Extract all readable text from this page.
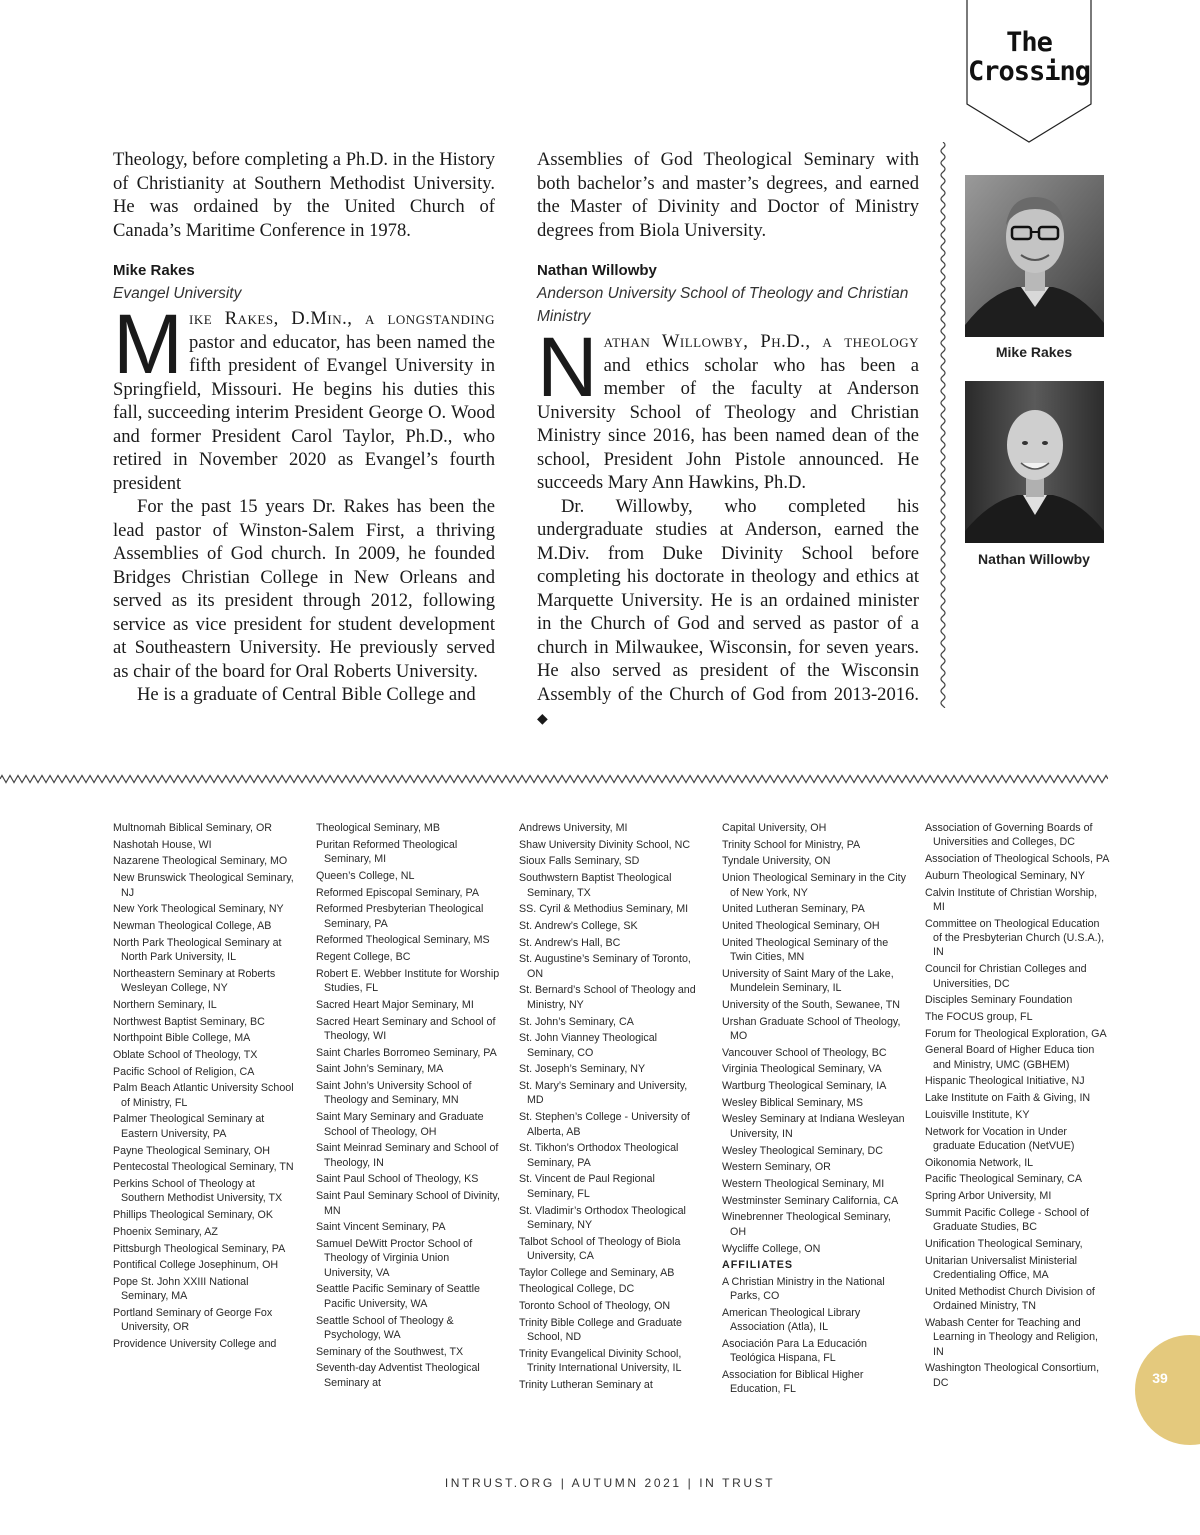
The
Crossing

Theology, before completing a Ph.D. in the History of Christianity at Southern Methodist University. He was ordained by the United Church of Canada’s Maritime Conference in 1978.

Mike Rakes
Evangel University

Mike Rakes, D.Min., a longstanding pastor and educator, has been named the fifth president of Evangel University in Springfield, Missouri. He begins his duties this fall, succeeding interim President George O. Wood and former President Carol Taylor, Ph.D., who retired in November 2020 as Evangel’s fourth president

For the past 15 years Dr. Rakes has been the lead pastor of Winston-Salem First, a thriving Assemblies of God church. In 2009, he founded Bridges Christian College in New Orleans and served as its president through 2012, following service as vice president for student development at Southeastern University. He previously served as chair of the board for Oral Roberts University.

He is a graduate of Central Bible College and

Assemblies of God Theological Seminary with both bachelor’s and master’s degrees, and earned the Master of Divinity and Doctor of Ministry degrees from Biola University.

Nathan Willowby
Anderson University School of Theology and Christian Ministry

Nathan Willowby, Ph.D., a theology and ethics scholar who has been a member of the faculty at Anderson University School of Theology and Christian Ministry since 2016, has been named dean of the school, President John Pistole announced. He succeeds Mary Ann Hawkins, Ph.D.

Dr. Willowby, who completed his undergraduate studies at Anderson, earned the M.Div. from Duke Divinity School before completing his doctorate in theology and ethics at Marquette University. He is an ordained minister in the Church of God and served as pastor of a church in Milwaukee, Wisconsin, for seven years. He also served as president of the Wisconsin Assembly of the Church of God from 2013-2016. ◆

Mike Rakes
Nathan Willowby
Multnomah Biblical Seminary, OR
Nashotah House, WI
Nazarene Theological Seminary, MO
New Brunswick Theological Seminary, NJ
New York Theological Seminary, NY
Newman Theological College, AB
North Park Theological Seminary at North Park University, IL
Northeastern Seminary at Roberts Wesleyan College, NY
Northern Seminary, IL
Northwest Baptist Seminary, BC
Northpoint Bible College, MA
Oblate School of Theology, TX
Pacific School of Religion, CA
Palm Beach Atlantic University School of Ministry, FL
Palmer Theological Seminary at Eastern University, PA
Payne Theological Seminary, OH
Pentecostal Theological Seminary, TN
Perkins School of Theology at Southern Methodist University, TX
Phillips Theological Seminary, OK
Phoenix Seminary, AZ
Pittsburgh Theological Seminary, PA
Pontifical College Josephinum, OH
Pope St. John XXIII National Seminary, MA
Portland Seminary of George Fox University, OR
Providence University College and
Theological Seminary, MB
Puritan Reformed Theological Seminary, MI
Queen’s College, NL
Reformed Episcopal Seminary, PA
Reformed Presbyterian Theological Seminary, PA
Reformed Theological Seminary, MS
Regent College, BC
Robert E. Webber Institute for Worship Studies, FL
Sacred Heart Major Seminary, MI
Sacred Heart Seminary and School of Theology, WI
Saint Charles Borromeo Seminary, PA
Saint John’s Seminary, MA
Saint John’s University School of Theology and Seminary, MN
Saint Mary Seminary and Graduate School of Theology, OH
Saint Meinrad Seminary and School of Theology, IN
Saint Paul School of Theology, KS
Saint Paul Seminary School of Divinity, MN
Saint Vincent Seminary, PA
Samuel DeWitt Proctor School of Theology of Virginia Union University, VA
Seattle Pacific Seminary of Seattle Pacific University, WA
Seattle School of Theology & Psychology, WA
Seminary of the Southwest, TX
Seventh-day Adventist Theological Seminary at
Andrews University, MI
Shaw University Divinity School, NC
Sioux Falls Seminary, SD
Southwstern Baptist Theological Seminary, TX
SS. Cyril & Methodius Seminary, MI
St. Andrew’s College, SK
St. Andrew’s Hall, BC
St. Augustine’s Seminary of Toronto, ON
St. Bernard’s School of Theology and Ministry, NY
St. John’s Seminary, CA
St. John Vianney Theological Seminary, CO
St. Joseph’s Seminary, NY
St. Mary’s Seminary and University, MD
St. Stephen’s College - University of Alberta, AB
St. Tikhon’s Orthodox Theological Seminary, PA
St. Vincent de Paul Regional Seminary, FL
St. Vladimir’s Orthodox Theological Seminary, NY
Talbot School of Theology of Biola University, CA
Taylor College and Seminary, AB
Theological College, DC
Toronto School of Theology, ON
Trinity Bible College and Graduate School, ND
Trinity Evangelical Divinity School, Trinity International University, IL
Trinity Lutheran Seminary at
Capital University, OH
Trinity School for Ministry, PA
Tyndale University, ON
Union Theological Seminary in the City of New York, NY
United Lutheran Seminary, PA
United Theological Seminary, OH
United Theological Seminary of the Twin Cities, MN
University of Saint Mary of the Lake, Mundelein Seminary, IL
University of the South, Sewanee, TN
Urshan Graduate School of Theology, MO
Vancouver School of Theology, BC
Virginia Theological Seminary, VA
Wartburg Theological Seminary, IA
Wesley Biblical Seminary, MS
Wesley Seminary at Indiana Wesleyan University, IN
Wesley Theological Seminary, DC
Western Seminary, OR
Western Theological Seminary, MI
Westminster Seminary California, CA
Winebrenner Theological Seminary, OH
Wycliffe College, ON
AFFILIATES
A Christian Ministry in the National Parks, CO
American Theological Library Association (Atla), IL
Asociación Para La Educación Teológica Hispana, FL
Association for Biblical Higher Education, FL
Association of Governing Boards of Universities and Colleges, DC
Association of Theological Schools, PA
Auburn Theological Seminary, NY
Calvin Institute of Christian Worship, MI
Committee on Theological Education of the Presbyterian Church (U.S.A.), IN
Council for Christian Colleges and Universities, DC
Disciples Seminary Foundation
The FOCUS group, FL
Forum for Theological Exploration, GA
General Board of Higher Educa tion and Ministry, UMC (GBHEM)
Hispanic Theological Initiative, NJ
Lake Institute on Faith & Giving, IN
Louisville Institute, KY
Network for Vocation in Under graduate Education (NetVUE)
Oikonomia Network, IL
Pacific Theological Seminary, CA
Spring Arbor University, MI
Summit Pacific College - School of Graduate Studies, BC
Unification Theological Seminary,
Unitarian Universalist Ministerial Credentialing Office, MA
United Methodist Church Division of Ordained Ministry, TN
Wabash Center for Teaching and Learning in Theology and Religion, IN
Washington Theological Consortium, DC	39
INTRUST.ORG | AUTUMN 2021 | IN TRUST
